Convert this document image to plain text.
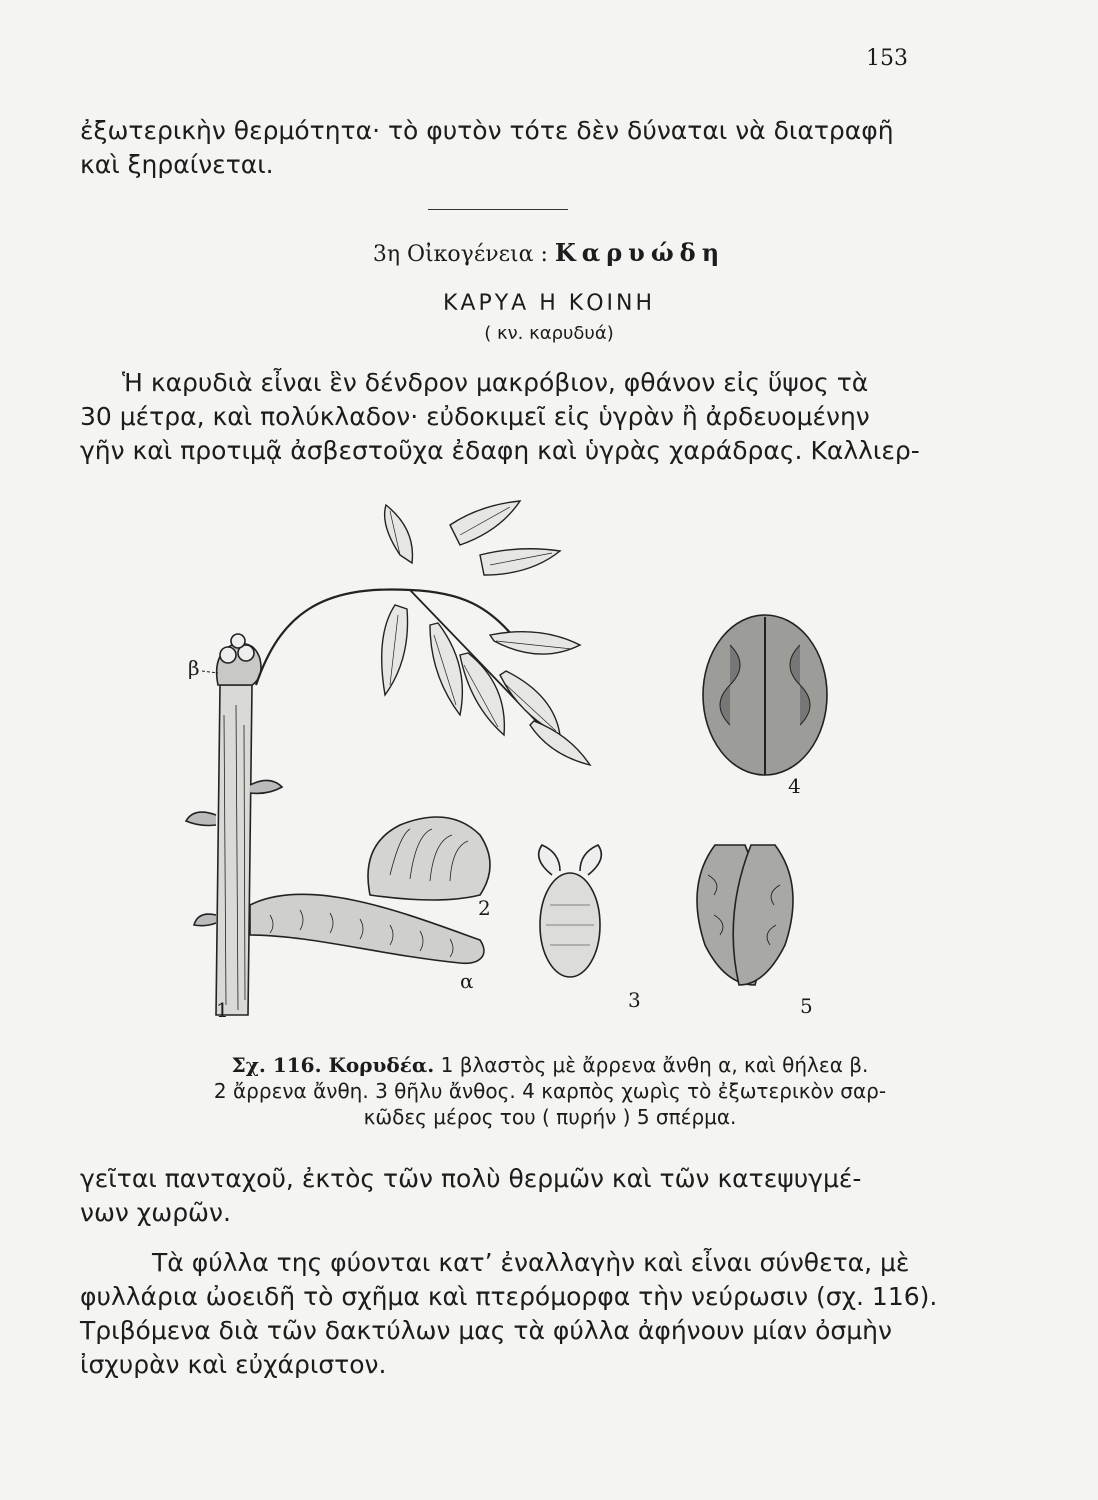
153

ἐξωτερικὴν θερμότητα· τὸ φυτὸν τότε δὲν δύναται νὰ διατραφῆ

καὶ ξηραίνεται.

3η Οἰκογένεια : Καρυώδη
ΚΑΡΥΑ Η ΚΟΙΝΗ
( κν. καρυδυά)

Ἡ καρυδιὰ εἶναι ἓν δένδρον μακρόβιον, φθάνον εἰς ὕψος τὰ

30 μέτρα, καὶ πολύκλαδον· εὐδοκιμεῖ εἰς ὑγρὰν ἢ ἀρδευομένην

γῆν καὶ προτιμᾷ ἀσβεστοῦχα ἐδαφη καὶ ὑγρὰς χαράδρας. Καλλιερ-

β
α
1
2
3
4
5
Σχ. 116. Κορυδέα. 1 βλαστὸς μὲ ἄρρενα ἄνθη α, καὶ θήλεα β.
2 ἄρρενα ἄνθη. 3 θῆλυ ἄνθος. 4 καρπὸς χωρὶς τὸ ἐξωτερικὸν σαρ-
κῶδες μέρος του ( πυρήν ) 5 σπέρμα.

γεῖται πανταχοῦ, ἐκτὸς τῶν πολὺ θερμῶν καὶ τῶν κατεψυγμέ-

νων χωρῶν.

Τὰ φύλλα της φύονται κατ’ ἐναλλαγὴν καὶ εἶναι σύνθετα, μὲ

φυλλάρια ὠοειδῆ τὸ σχῆμα καὶ πτερόμορφα τὴν νεύρωσιν (σχ. 116).

Τριβόμενα διὰ τῶν δακτύλων μας τὰ φύλλα ἀφήνουν μίαν ὀσμὴν

ἰσχυρὰν καὶ εὐχάριστον.
